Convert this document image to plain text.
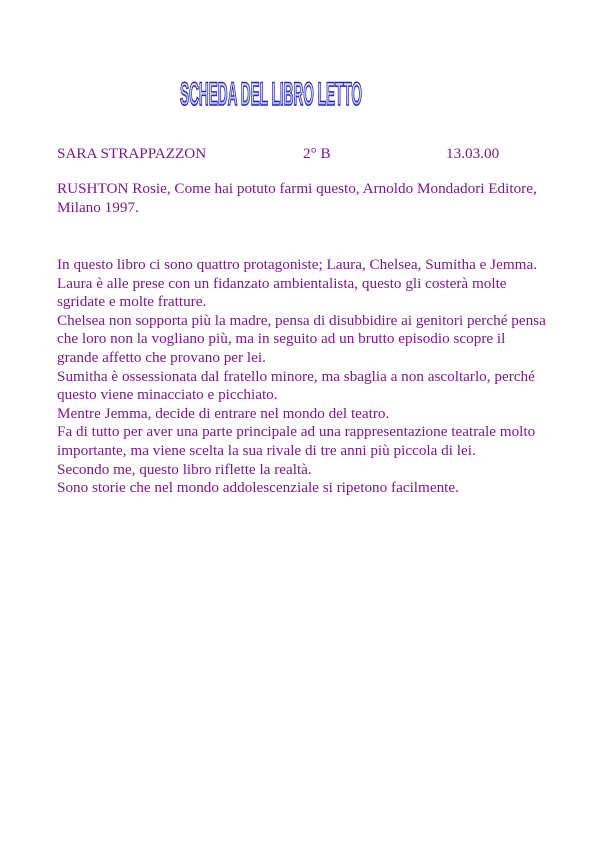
SCHEDA DEL LIBRO LETTO
SARA STRAPPAZZON	2° B	13.03.00

RUSHTON Rosie, Come hai potuto farmi questo, Arnoldo Mondadori Editore, Milano 1997.

In questo libro ci sono quattro protagoniste; Laura, Chelsea, Sumitha e Jemma.

Laura è alle prese con un fidanzato ambientalista, questo gli costerà molte sgridate e molte fratture.

Chelsea non sopporta più la madre, pensa di disubbidire ai genitori perché pensa che loro non la vogliano più, ma in seguito ad un brutto episodio scopre il grande affetto che provano per lei.

Sumitha è ossessionata dal fratello minore, ma sbaglia a non ascoltarlo, perché questo viene minacciato e picchiato.

Mentre Jemma, decide di entrare nel mondo del teatro.

Fa di tutto per aver una parte principale ad una rappresentazione teatrale molto importante, ma viene scelta la sua rivale di tre anni più piccola di lei.

Secondo me, questo libro riflette la realtà.

Sono storie che nel mondo addolescenziale si ripetono facilmente.
